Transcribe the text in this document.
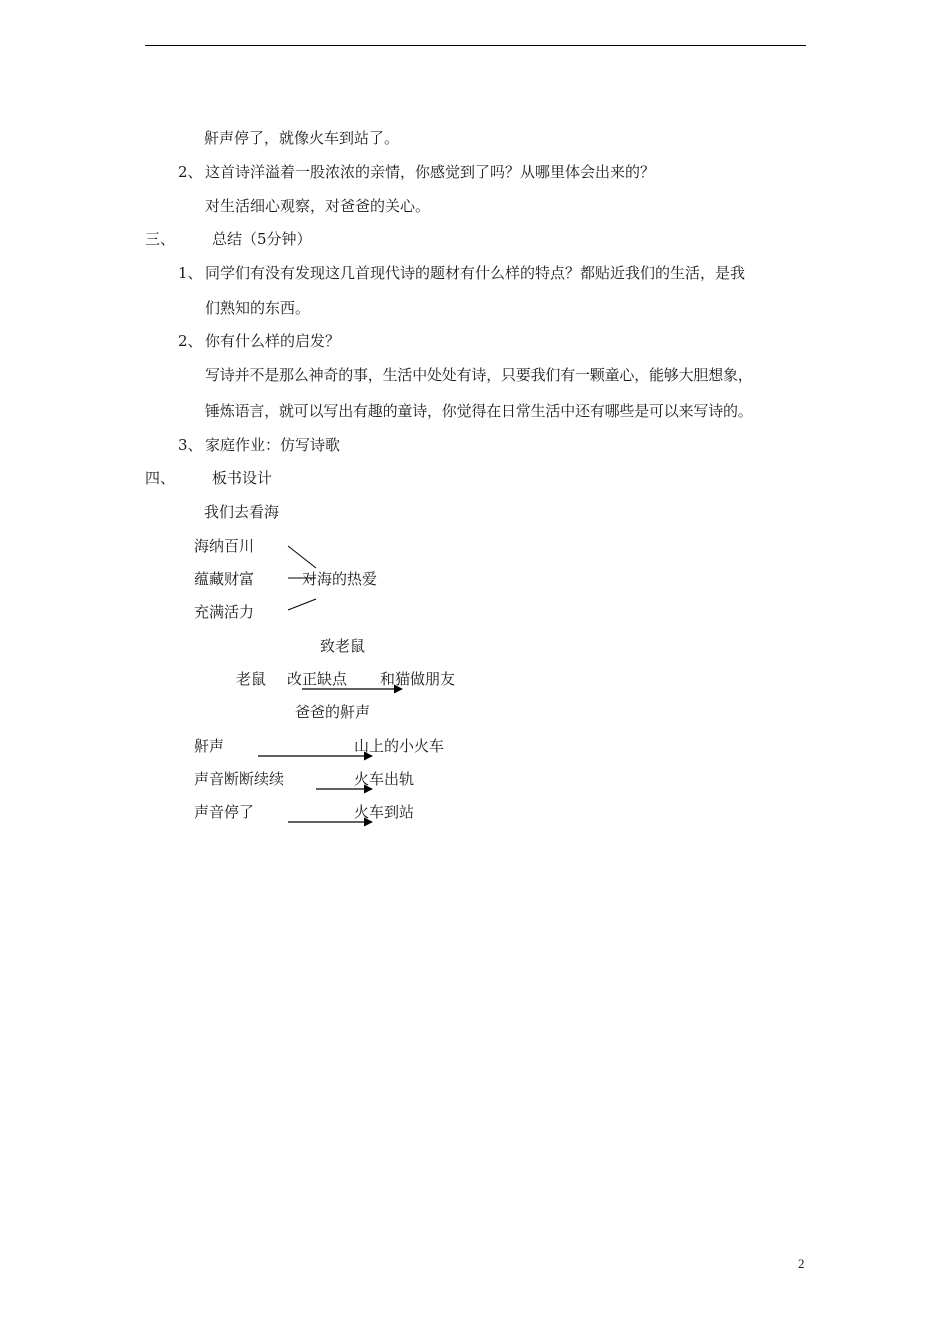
鼾声停了，就像火车到站了。
2、 这首诗洋溢着一股浓浓的亲情，你感觉到了吗？从哪里体会出来的？
对生活细心观察，对爸爸的关心。
三、 总结（5分钟）
1、 同学们有没有发现这几首现代诗的题材有什么样的特点？都贴近我们的生活，是我
们熟知的东西。
2、 你有什么样的启发？
写诗并不是那么神奇的事，生活中处处有诗，只要我们有一颗童心，能够大胆想象，
锤炼语言，就可以写出有趣的童诗，你觉得在日常生活中还有哪些是可以来写诗的。
3、 家庭作业：仿写诗歌
四、 板书设计
我们去看海
海纳百川
蕴藏财富
充满活力
对海的热爱
致老鼠
老鼠 改正缺点 和猫做朋友
爸爸的鼾声
鼾声	山上的小火车
声音断断续续	火车出轨
声音停了	火车到站
2
